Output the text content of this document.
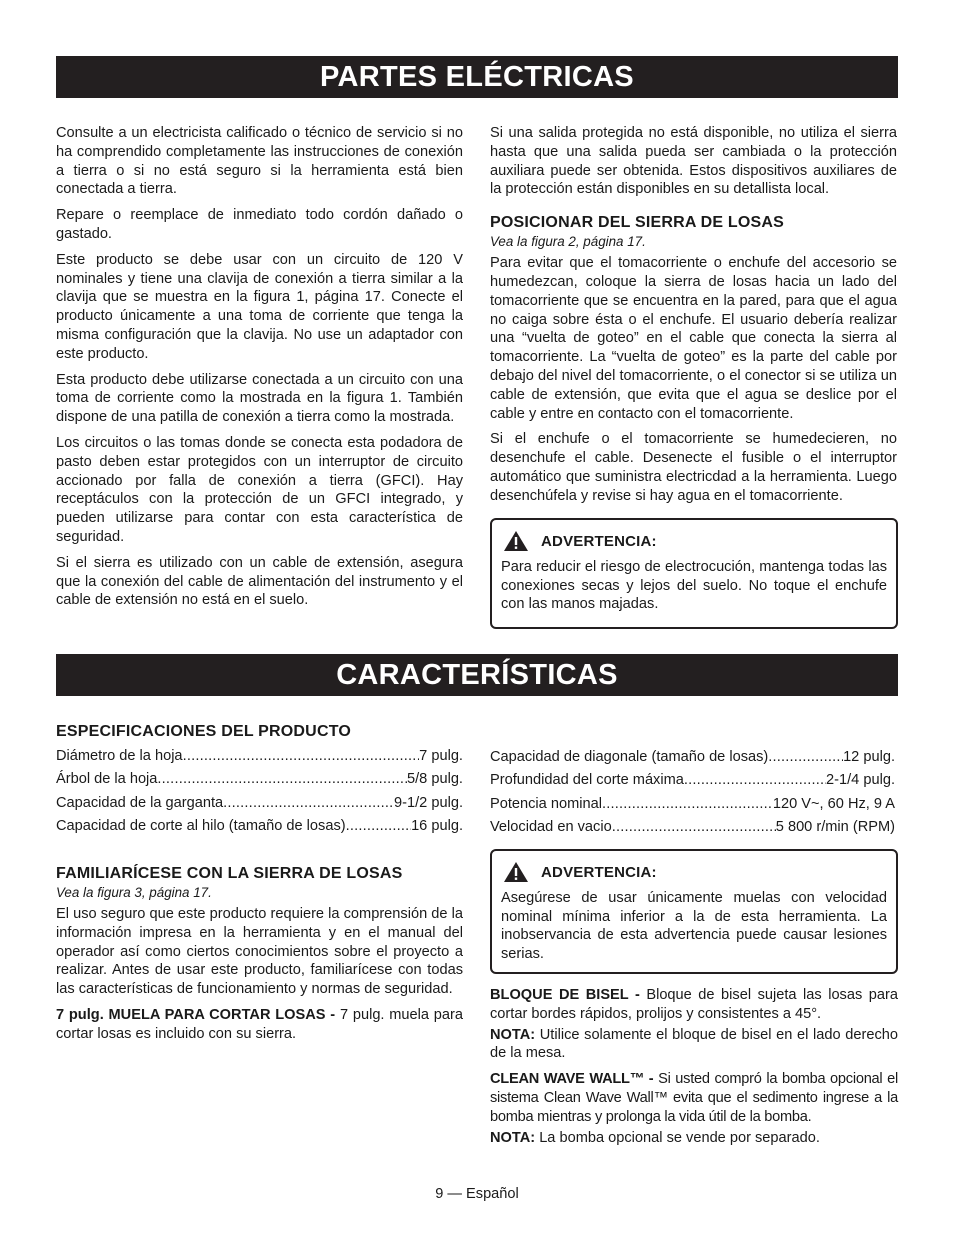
PARTES ELÉCTRICAS

Consulte a un electricista calificado o técnico de servicio si no ha comprendido completamente las instrucciones de conexión a tierra o si no está seguro si la herramienta está bien conectada a tierra.

Repare o reemplace de inmediato todo cordón dañado o gastado.

Este producto se debe usar con un circuito de 120 V nominales y tiene una clavija de conexión a tierra similar a la clavija que se muestra en la figura 1, página 17. Conecte el producto únicamente a una toma de corriente que tenga la misma configuración que la clavija. No use un adaptador con este producto.

Esta producto debe utilizarse conectada a un circuito con una toma de corriente como la mostrada en la figura 1. También dispone de una patilla de conexión a tierra como la mostrada.

Los circuitos o las tomas donde se conecta esta podadora de pasto deben estar protegidos con un interruptor de circuito accionado por falla de conexión a tierra (GFCI). Hay receptáculos con la protección de un GFCI integrado, y pueden utilizarse para contar con esta característica de seguridad.

Si el sierra es utilizado con un cable de extensión, asegura que la conexión del cable de alimentación del instrumento y el cable de extensión no está en el suelo.

Si una salida protegida no está disponible, no utiliza el sierra hasta que una salida pueda ser cambiada o la protección auxiliara puede ser obtenida. Estos dispositivos auxiliares de la protección están disponibles en su detallista local.

POSICIONAR DEL SIERRA DE LOSAS
Vea la figura 2, página 17.

Para evitar que el tomacorriente o enchufe del accesorio se humedezcan, coloque la sierra de losas hacia un lado del tomacorriente que se encuentra en la pared, para que el agua no caiga sobre ésta o el enchufe. El usuario debería realizar una “vuelta de goteo” en el cable que conecta la sierra al tomacorriente. La “vuelta de goteo” es la parte del cable por debajo del nivel del tomacorriente, o el conector si se utiliza un cable de extensión, que evita que el agua se deslice por el cable y entre en contacto con el tomacorriente.

Si el enchufe o el tomacorriente se humedecieren, no desenchufe el cable. Desenecte el fusible o el interruptor automático que suministra electricdad a la herramienta. Luego desenchúfela y revise si hay agua en el tomacorriente.

ADVERTENCIA:

Para reducir el riesgo de electrocución, mantenga todas las conexiones secas y lejos del suelo. No toque el enchufe con las manos majadas.

CARACTERÍSTICAS
ESPECIFICACIONES DEL PRODUCTO
Diámetro de la hoja .....	7 pulg.
Árbol de la hoja .....	5/8 pulg.
Capacidad de la garganta .....	9-1/2 pulg.
Capacidad de corte al hilo (tamaño de losas) .....	16 pulg.
Capacidad de diagonale (tamaño de losas) .....	12 pulg.
Profundidad del corte máxima .....	2-1/4 pulg.
Potencia nominal .....	120 V~, 60 Hz, 9 A
Velocidad en vacio .....	5 800 r/min (RPM)
FAMILIARÍCESE CON LA SIERRA DE LOSAS
Vea la figura 3, página 17.

El uso seguro que este producto requiere la comprensión de la información impresa en la herramienta y en el manual del operador así como ciertos conocimientos sobre el proyecto a realizar. Antes de usar este producto, familiarícese con todas las características de funcionamiento y normas de seguridad.

7 pulg. MUELA PARA CORTAR LOSAS - 7 pulg. muela para cortar losas es incluido con su sierra.

ADVERTENCIA:

Asegúrese de usar únicamente muelas con velocidad nominal mínima inferior a la de esta herramienta. La inobservancia de esta advertencia puede causar lesiones serias.

BLOQUE DE BISEL - Bloque de bisel sujeta las losas para cortar bordes rápidos, prolijos y consistentes a 45°.

NOTA: Utilice solamente el bloque de bisel en el lado derecho de la mesa.

CLEAN WAVE WALL™ - Si usted compró la bomba opcional el sistema Clean Wave Wall™ evita que el sedimento ingrese a la bomba mientras y prolonga la vida útil de la bomba.

NOTA: La bomba opcional se vende por separado.

9 — Español
